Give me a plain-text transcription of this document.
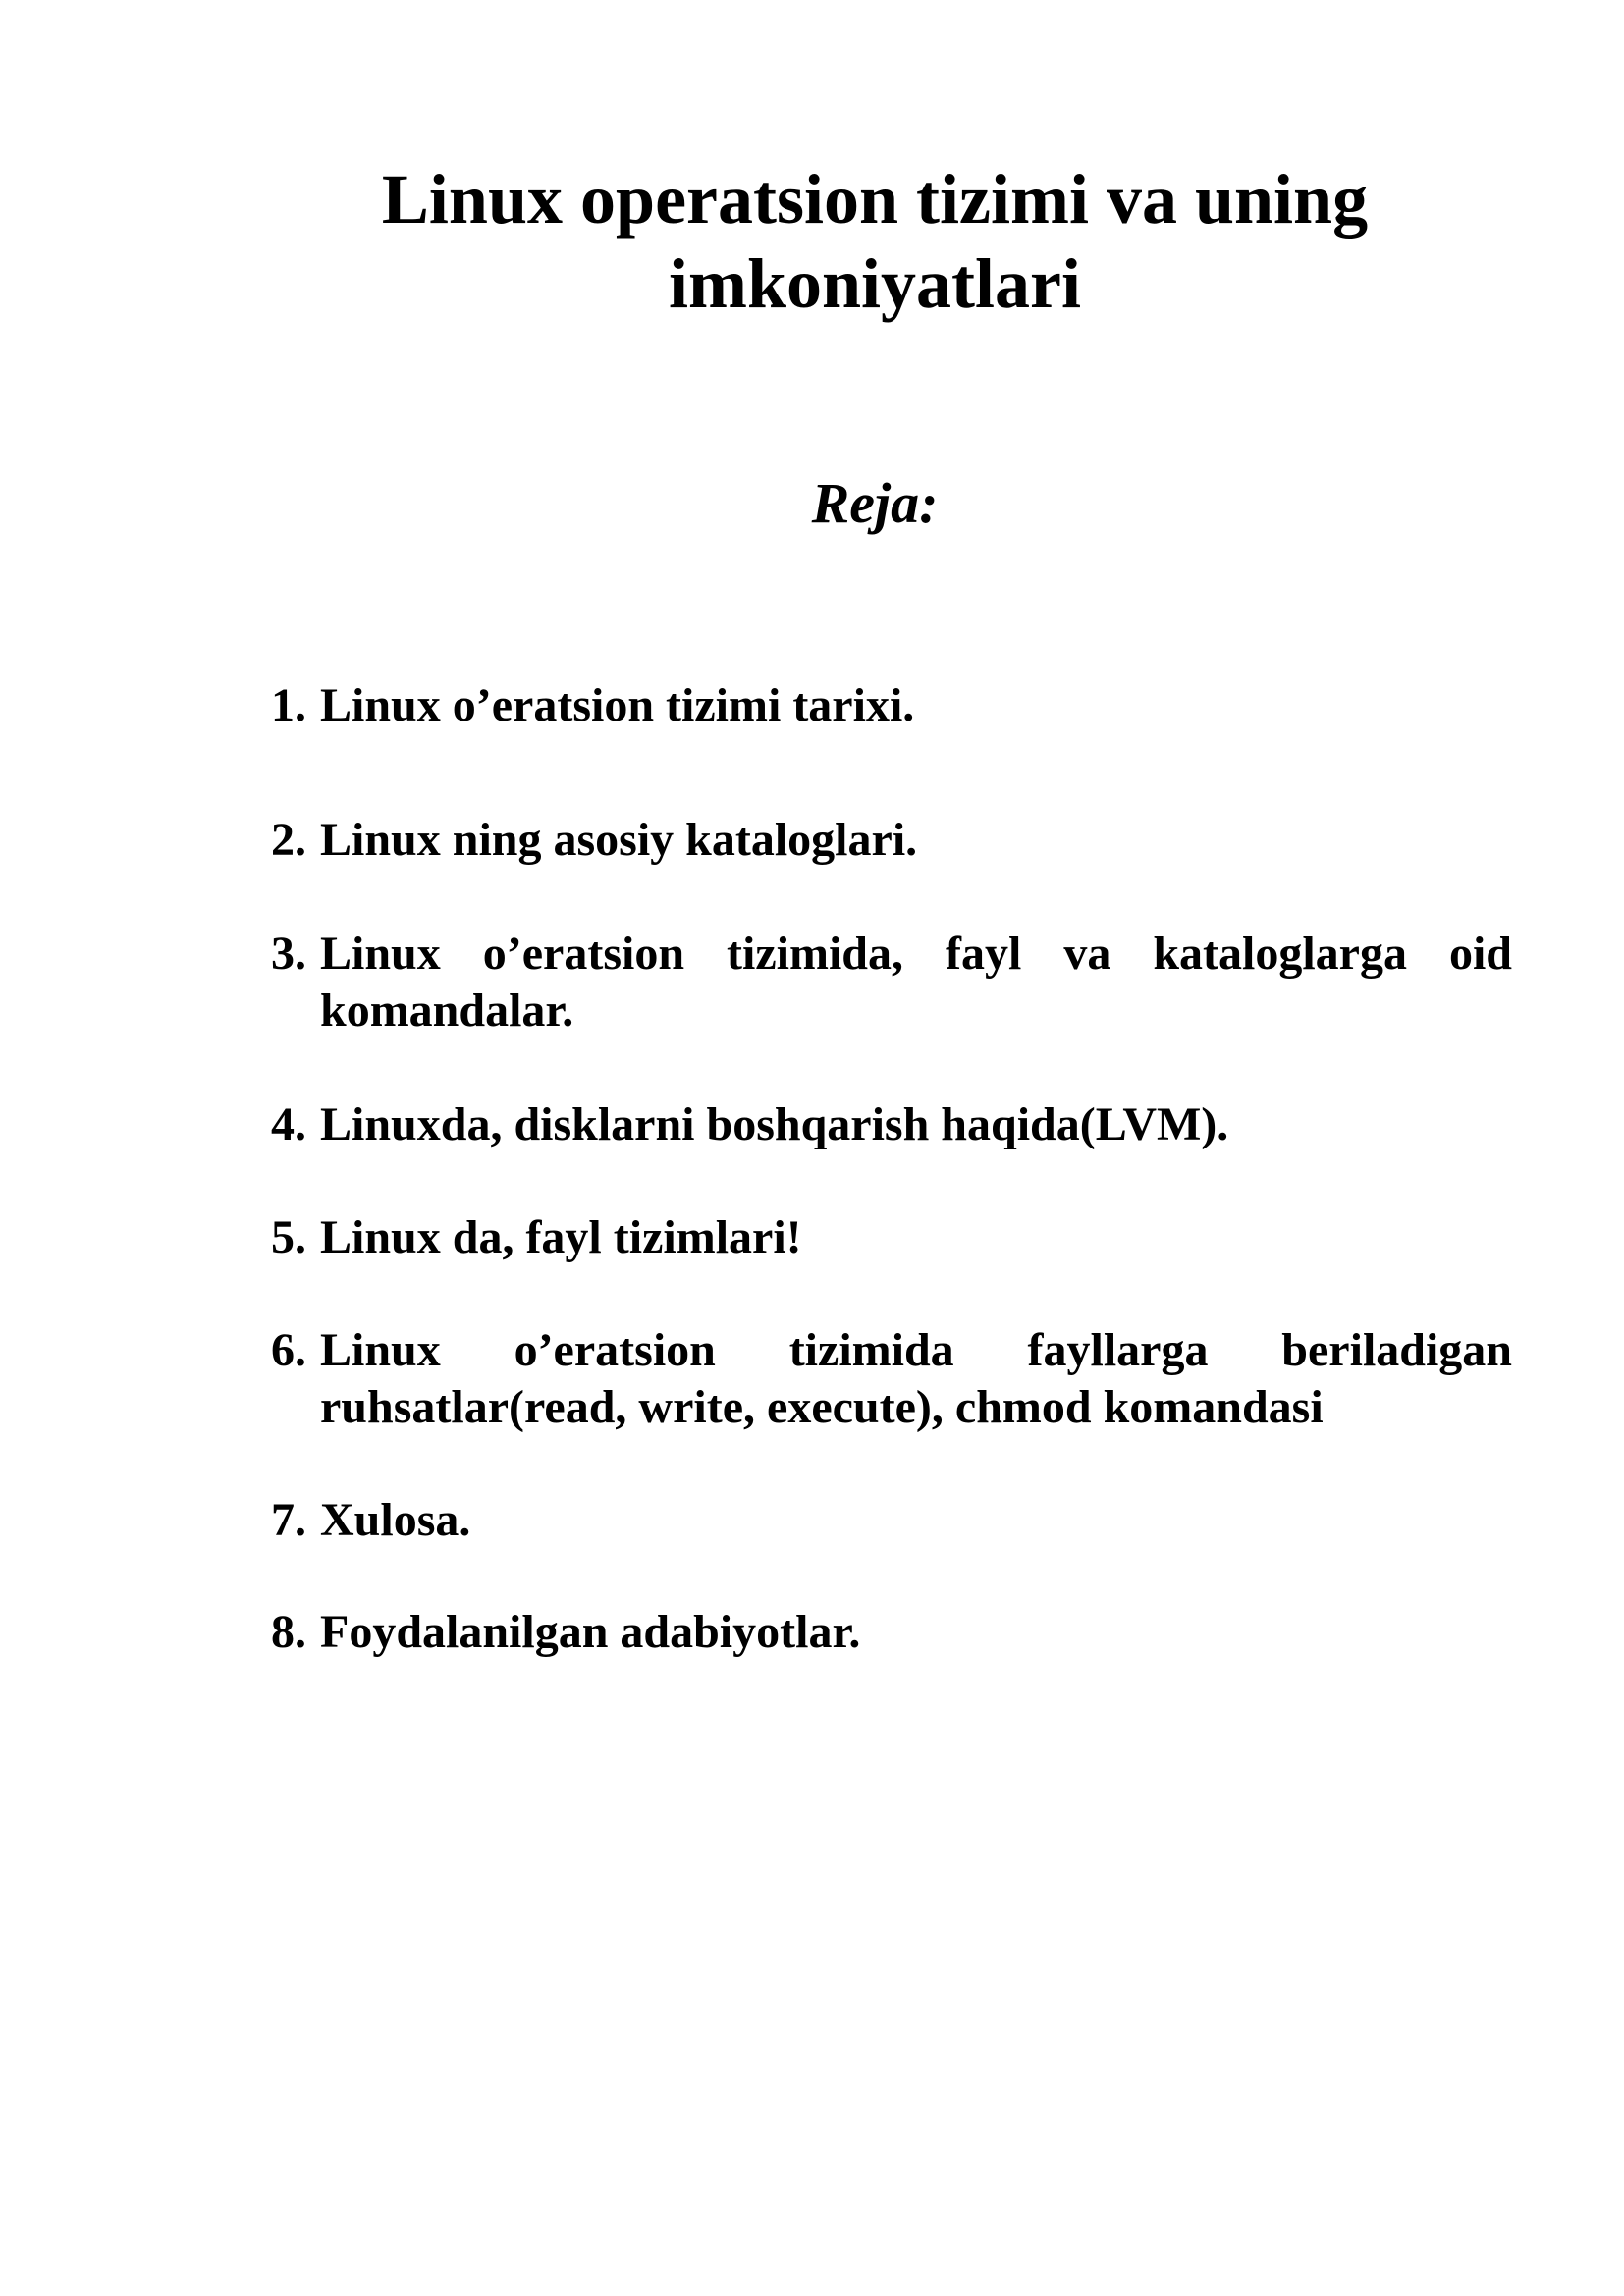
Linux operatsion tizimi va uning imkoniyatlari
Reja:
1. Linux o’eratsion tizimi tarixi.
2. Linux ning asosiy kataloglari.
3. Linux o’eratsion tizimida, fayl va kataloglarga oid komandalar.
4. Linuxda, disklarni boshqarish haqida(LVM).
5. Linux da, fayl tizimlari!
6. Linux o’eratsion tizimida fayllarga beriladigan ruhsatlar(read, write, execute), chmod komandasi
7. Xulosa.
8. Foydalanilgan adabiyotlar.
